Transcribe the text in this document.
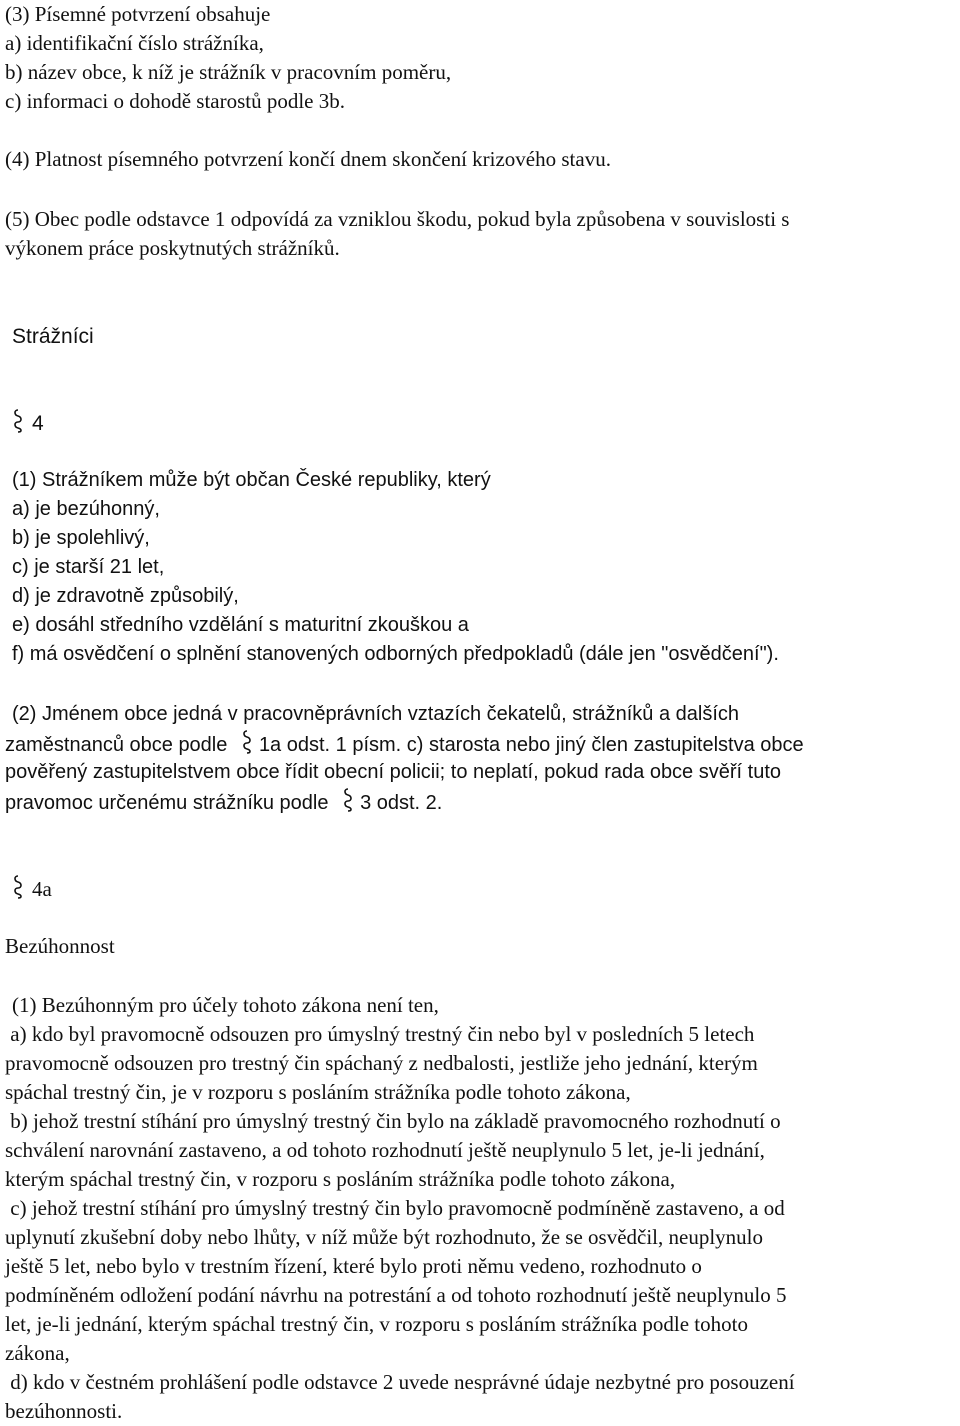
(3) Písemné potvrzení obsahuje
a) identifikační číslo strážníka,
b) název obce, k níž je strážník v pracovním poměru,
c) informaci o dohodě starostů podle 3b.
(4) Platnost písemného potvrzení končí dnem skončení krizového stavu.
(5) Obec podle odstavce 1 odpovídá za vzniklou škodu, pokud byla způsobena v souvislosti s
výkonem práce poskytnutých strážníků.
Strážníci
4
(1) Strážníkem může být občan České republiky, který
a) je bezúhonný,
b) je spolehlivý,
c) je starší 21 let,
d) je zdravotně způsobilý,
e) dosáhl středního vzdělání s maturitní zkouškou a
f) má osvědčení o splnění stanovených odborných předpokladů (dále jen "osvědčení").
(2) Jménem obce jedná v pracovněprávních vztazích čekatelů, strážníků a dalších
zaměstnanců obce podle 1a odst. 1 písm. c) starosta nebo jiný člen zastupitelstva obce
pověřený zastupitelstvem obce řídit obecní policii; to neplatí, pokud rada obce svěří tuto
pravomoc určenému strážníku podle 3 odst. 2.
4a
Bezúhonnost
(1) Bezúhonným pro účely tohoto zákona není ten,
a) kdo byl pravomocně odsouzen pro úmyslný trestný čin nebo byl v posledních 5 letech
pravomocně odsouzen pro trestný čin spáchaný z nedbalosti, jestliže jeho jednání, kterým
spáchal trestný čin, je v rozporu s posláním strážníka podle tohoto zákona,
b) jehož trestní stíhání pro úmyslný trestný čin bylo na základě pravomocného rozhodnutí o
schválení narovnání zastaveno, a od tohoto rozhodnutí ještě neuplynulo 5 let, je-li jednání,
kterým spáchal trestný čin, v rozporu s posláním strážníka podle tohoto zákona,
c) jehož trestní stíhání pro úmyslný trestný čin bylo pravomocně podmíněně zastaveno, a od
uplynutí zkušební doby nebo lhůty, v níž může být rozhodnuto, že se osvědčil, neuplynulo
ještě 5 let, nebo bylo v trestním řízení, které bylo proti němu vedeno, rozhodnuto o
podmíněném odložení podání návrhu na potrestání a od tohoto rozhodnutí ještě neuplynulo 5
let, je-li jednání, kterým spáchal trestný čin, v rozporu s posláním strážníka podle tohoto
zákona,
d) kdo v čestném prohlášení podle odstavce 2 uvede nesprávné údaje nezbytné pro posouzení
bezúhonnosti.
